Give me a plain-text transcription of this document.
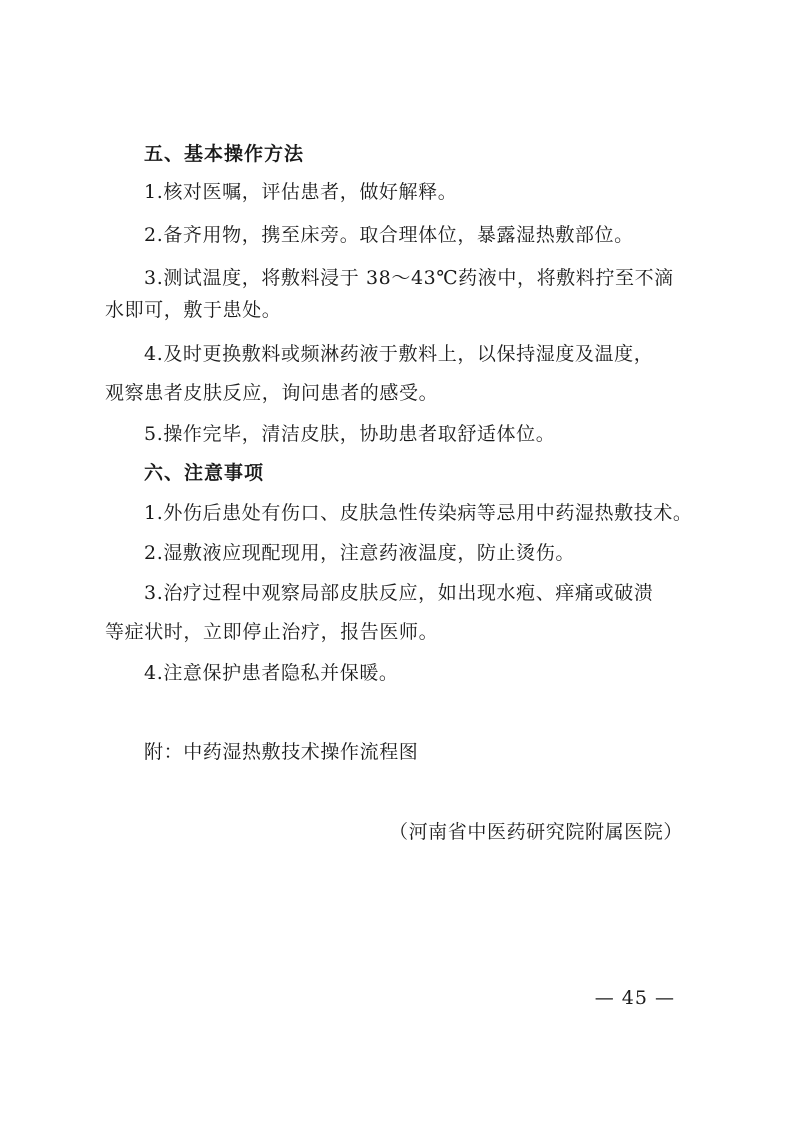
五、基本操作方法
1.核对医嘱，评估患者，做好解释。
2.备齐用物，携至床旁。取合理体位，暴露湿热敷部位。
3.测试温度，将敷料浸于 38～43℃药液中，将敷料拧至不滴
水即可，敷于患处。
4.及时更换敷料或频淋药液于敷料上，以保持湿度及温度，
观察患者皮肤反应，询问患者的感受。
5.操作完毕，清洁皮肤，协助患者取舒适体位。
六、注意事项
1.外伤后患处有伤口、皮肤急性传染病等忌用中药湿热敷技术。
2.湿敷液应现配现用，注意药液温度，防止烫伤。
3.治疗过程中观察局部皮肤反应，如出现水疱、痒痛或破溃
等症状时，立即停止治疗，报告医师。
4.注意保护患者隐私并保暖。
附：中药湿热敷技术操作流程图
（河南省中医药研究院附属医院）
— 45 —
